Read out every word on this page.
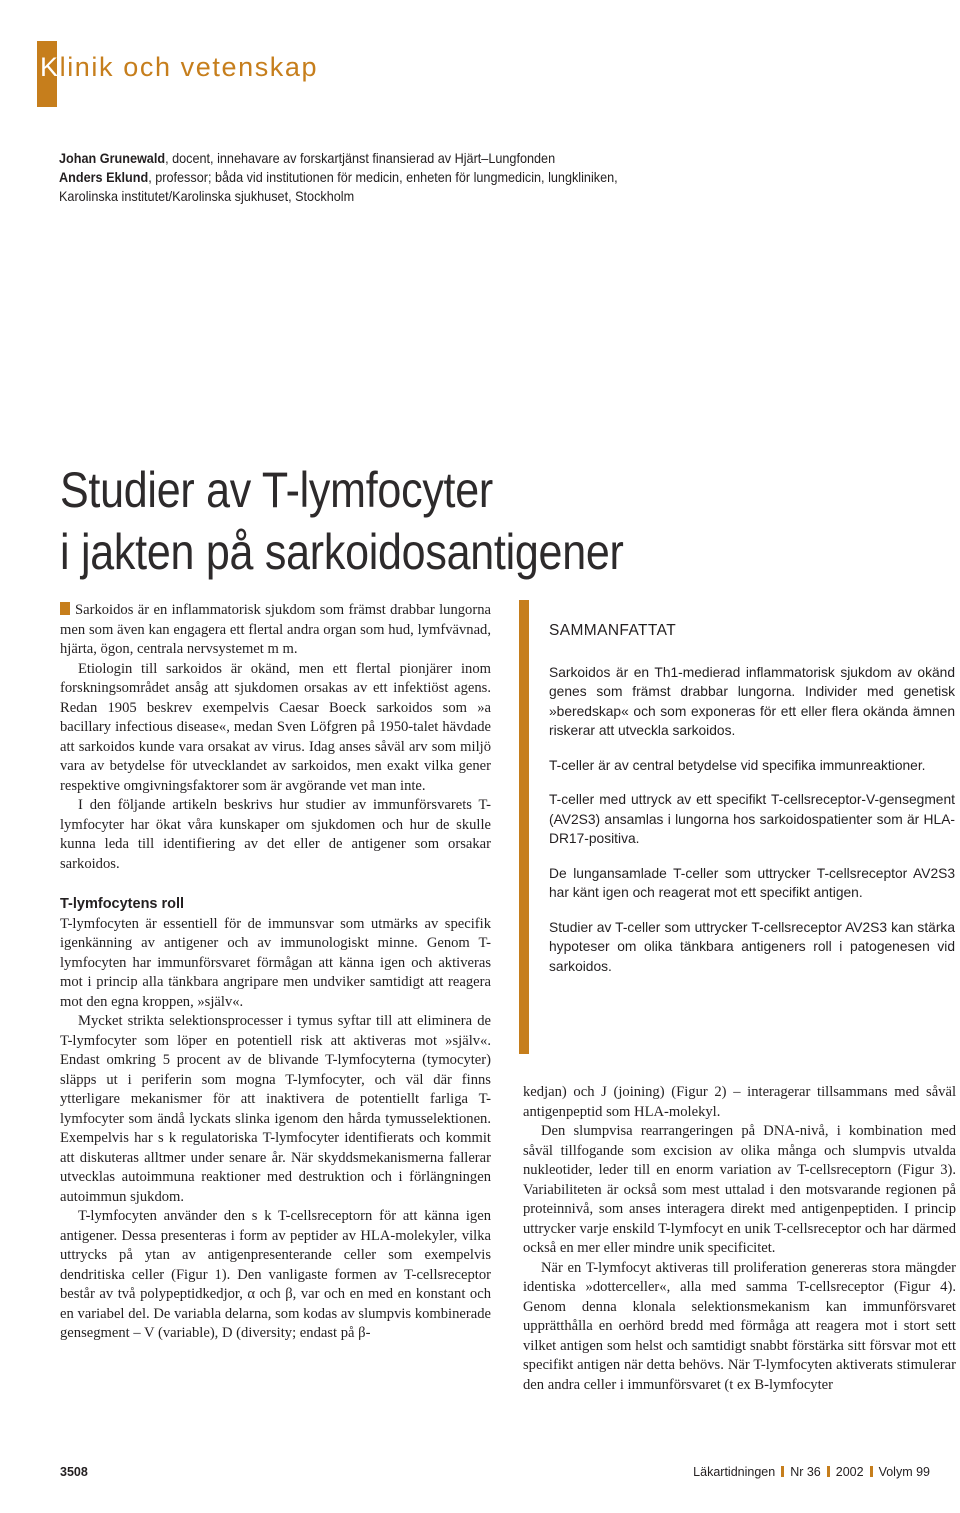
Klinik och vetenskap

Johan Grunewald, docent, innehavare av forskartjänst finansierad av Hjärt–Lungfonden

Anders Eklund, professor; båda vid institutionen för medicin, enheten för lungmedicin, lungkliniken,

Karolinska institutet/Karolinska sjukhuset, Stockholm

Studier av T-lymfocyter
i jakten på sarkoidosantigener

Sarkoidos är en inflammatorisk sjukdom som främst drabbar lungorna men som även kan engagera ett flertal andra organ som hud, lymfvävnad, hjärta, ögon, centrala nervsystemet m m.

Etiologin till sarkoidos är okänd, men ett flertal pionjärer inom forskningsområdet ansåg att sjukdomen orsakas av ett infektiöst agens. Redan 1905 beskrev exempelvis Caesar Boeck sarkoidos som »a bacillary infectious disease«, medan Sven Löfgren på 1950-talet hävdade att sarkoidos kunde vara orsakat av virus. Idag anses såväl arv som miljö vara av betydelse för utvecklandet av sarkoidos, men exakt vilka gener respektive omgivningsfaktorer som är avgörande vet man inte.

I den följande artikeln beskrivs hur studier av immunförsvarets T-lymfocyter har ökat våra kunskaper om sjukdomen och hur de skulle kunna leda till identifiering av det eller de antigener som orsakar sarkoidos.

T-lymfocytens roll

T-lymfocyten är essentiell för de immunsvar som utmärks av specifik igenkänning av antigener och av immunologiskt minne. Genom T-lymfocyten har immunförsvaret förmågan att känna igen och aktiveras mot i princip alla tänkbara angripare men undviker samtidigt att reagera mot den egna kroppen, »själv«.

Mycket strikta selektionsprocesser i tymus syftar till att eliminera de T-lymfocyter som löper en potentiell risk att aktiveras mot »själv«. Endast omkring 5 procent av de blivande T-lymfocyterna (tymocyter) släpps ut i periferin som mogna T-lymfocyter, och väl där finns ytterligare mekanismer för att inaktivera de potentiellt farliga T-lymfocyter som ändå lyckats slinka igenom den hårda tymusselektionen. Exempelvis har s k regulatoriska T-lymfocyter identifierats och kommit att diskuteras alltmer under senare år. När skyddsmekanismerna fallerar utvecklas autoimmuna reaktioner med destruktion och i förlängningen autoimmun sjukdom.

T-lymfocyten använder den s k T-cellsreceptorn för att känna igen antigener. Dessa presenteras i form av peptider av HLA-molekyler, vilka uttrycks på ytan av antigenpresenterande celler som exempelvis dendritiska celler (Figur 1). Den vanligaste formen av T-cellsreceptor består av två polypeptidkedjor, α och β, var och en med en konstant och en variabel del. De variabla delarna, som kodas av slumpvis kombinerade gensegment – V (variable), D (diversity; endast på β-

SAMMANFATTAT

Sarkoidos är en Th1-medierad inflammatorisk sjukdom av okänd genes som främst drabbar lungorna. Individer med genetisk »beredskap« och som exponeras för ett eller flera okända ämnen riskerar att utveckla sarkoidos.

T-celler är av central betydelse vid specifika immunreaktioner.

T-celler med uttryck av ett specifikt T-cellsreceptor-V-gensegment (AV2S3) ansamlas i lungorna hos sarkoidospatienter som är HLA-DR17-positiva.

De lungansamlade T-celler som uttrycker T-cellsreceptor AV2S3 har känt igen och reagerat mot ett specifikt antigen.

Studier av T-celler som uttrycker T-cellsreceptor AV2S3 kan stärka hypoteser om olika tänkbara antigeners roll i patogenesen vid sarkoidos.

kedjan) och J (joining) (Figur 2) – interagerar tillsammans med såväl antigenpeptid som HLA-molekyl.

Den slumpvisa rearrangeringen på DNA-nivå, i kombination med såväl tillfogande som excision av olika många och slumpvis utvalda nukleotider, leder till en enorm variation av T-cellsreceptorn (Figur 3). Variabiliteten är också som mest uttalad i den motsvarande regionen på proteinnivå, som anses interagera direkt med antigenpeptiden. I princip uttrycker varje enskild T-lymfocyt en unik T-cellsreceptor och har därmed också en mer eller mindre unik specificitet.

När en T-lymfocyt aktiveras till proliferation genereras stora mängder identiska »dotterceller«, alla med samma T-cellsreceptor (Figur 4). Genom denna klonala selektionsmekanism kan immunförsvaret upprätthålla en oerhörd bredd med förmåga att reagera mot i stort sett vilket antigen som helst och samtidigt snabbt förstärka sitt försvar mot ett specifikt antigen när detta behövs. När T-lymfocyten aktiverats stimulerar den andra celler i immunförsvaret (t ex B-lymfocyter

3508	Läkartidningen Nr 36 2002 Volym 99
